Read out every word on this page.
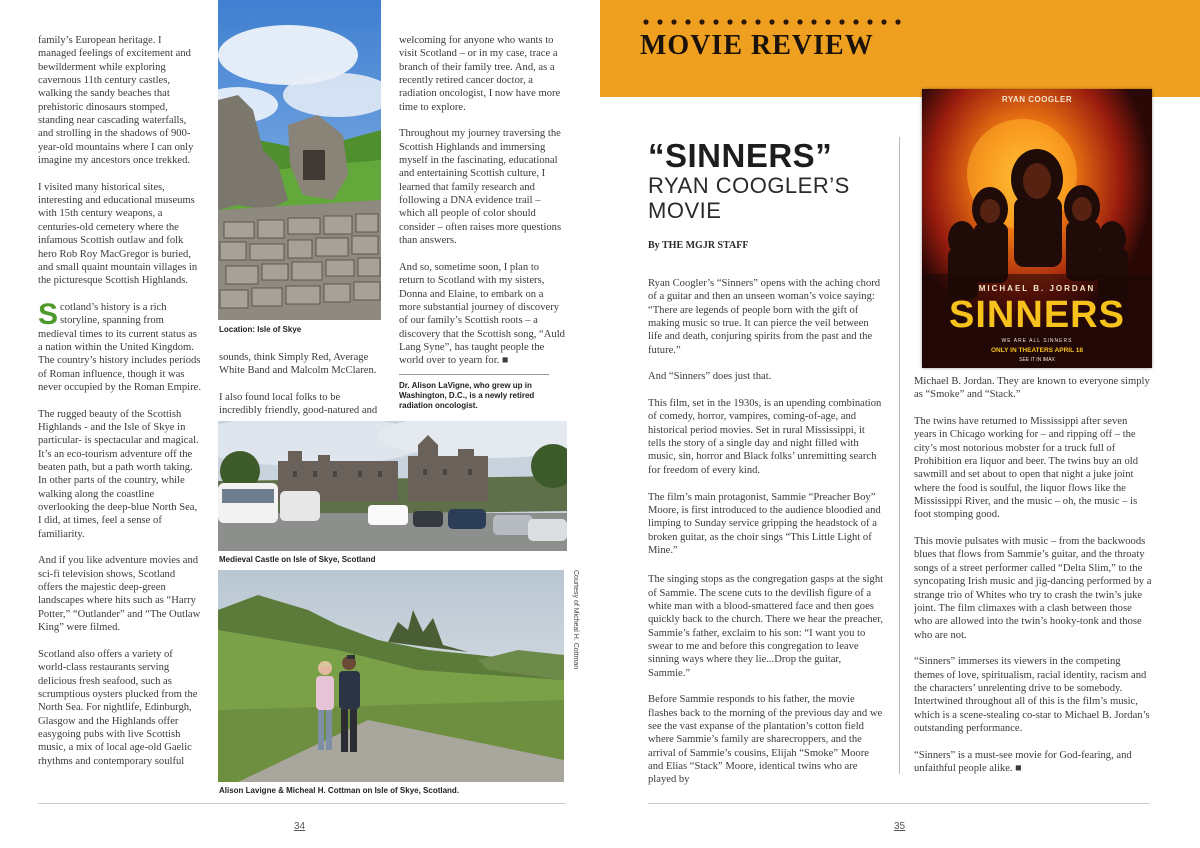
family’s European heritage. I managed feelings of excitement and bewilderment while exploring cavernous 11th century castles, walking the sandy beaches that prehistoric dinosaurs stomped, standing near cascading waterfalls, and strolling in the shadows of 900-year-old mountains where I can only imagine my ancestors once trekked.

I visited many historical sites, interesting and educational museums with 15th century weapons, a centuries-old cemetery where the infamous Scottish outlaw and folk hero Rob Roy MacGregor is buried, and small quaint mountain villages in the picturesque Scottish Highlands.

Scotland’s history is a rich storyline, spanning from medieval times to its current status as a nation within the United Kingdom. The country’s history includes periods of Roman influence, though it was never occupied by the Roman Empire.

The rugged beauty of the Scottish Highlands - and the Isle of Skye in particular- is spectacular and magical. It’s an eco-tourism adventure off the beaten path, but a path worth taking. In other parts of the country, while walking along the coastline overlooking the deep-blue North Sea, I did, at times, feel a sense of familiarity.

And if you like adventure movies and sci-fi television shows, Scotland offers the majestic deep-green landscapes where hits such as “Harry Potter,” “Outlander” and “The Outlaw King” were filmed.

Scotland also offers a variety of world-class restaurants serving delicious fresh seafood, such as scrumptious oysters plucked from the North Sea. For nightlife, Edinburgh, Glasgow and the Highlands offer easygoing pubs with live Scottish music, a mix of local age-old Gaelic rhythms and contemporary soulful

Location: Isle of Skye

sounds, think Simply Red, Average White Band and Malcolm McClaren.

I also found local folks to be incredibly friendly, good-natured and

welcoming for anyone who wants to visit Scotland – or in my case, trace a branch of their family tree. And, as a recently retired cancer doctor, a radiation oncologist, I now have more time to explore.

Throughout my journey traversing the Scottish Highlands and immersing myself in the fascinating, educational and entertaining Scottish culture, I learned that family research and following a DNA evidence trail – which all people of color should consider – often raises more questions than answers.

And so, sometime soon, I plan to return to Scotland with my sisters, Donna and Elaine, to embark on a more substantial journey of discovery of our family’s Scottish roots – a discovery that the Scottish song, “Auld Lang Syne”, has taught people the world over to yearn for. ■

Dr. Alison LaVigne, who grew up in Washington, D.C., is a newly retired radiation oncologist.
Medieval Castle on Isle of Skye, Scotland
Alison Lavigne & Micheal H. Cottman on Isle of Skye, Scotland.
Courtesy of Micheal H. Cottman
34
MOVIE REVIEW
RYAN COOGLER
MICHAEL B. JORDAN
SINNERS
WE ARE ALL SINNERS
ONLY IN THEATERS APRIL 18
SEE IT IN IMAX
“SINNERS”
RYAN COOGLER’S
MOVIE
By THE MGJR STAFF

Ryan Coogler’s “Sinners” opens with the aching chord of a guitar and then an unseen woman’s voice saying: “There are legends of people born with the gift of making music so true. It can pierce the veil between life and death, conjuring spirits from the past and the future.”

And “Sinners” does just that.

This film, set in the 1930s, is an upending combination of comedy, horror, vampires, coming-of-age, and historical period movies. Set in rural Mississippi, it tells the story of a single day and night filled with music, sin, horror and Black folks’ unremitting search for freedom of every kind.

The film’s main protagonist, Sammie “Preacher Boy” Moore, is first introduced to the audience bloodied and limping to Sunday service gripping the headstock of a broken guitar, as the choir sings “This Little Light of Mine.”

The singing stops as the congregation gasps at the sight of Sammie. The scene cuts to the devilish figure of a white man with a blood-smattered face and then goes quickly back to the church. There we hear the preacher, Sammie’s father, exclaim to his son: “I want you to swear to me and before this congregation to leave sinning ways where they lie...Drop the guitar, Sammie.”

Before Sammie responds to his father, the movie flashes back to the morning of the previous day and we see the vast expanse of the plantation’s cotton field where Sammie’s family are sharecroppers, and the arrival of Sammie’s cousins, Elijah “Smoke” Moore and Elias “Stack” Moore, identical twins who are played by

Michael B. Jordan. They are known to everyone simply as “Smoke” and “Stack.”

The twins have returned to Mississippi after seven years in Chicago working for – and ripping off – the city’s most notorious mobster for a truck full of Prohibition era liquor and beer. The twins buy an old sawmill and set about to open that night a juke joint where the food is soulful, the liquor flows like the Mississippi River, and the music – oh, the music – is foot stomping good.

This movie pulsates with music – from the backwoods blues that flows from Sammie’s guitar, and the throaty songs of a street performer called “Delta Slim,” to the syncopating Irish music and jig-dancing performed by a strange trio of Whites who try to crash the twin’s juke joint. The film climaxes with a clash between those who are allowed into the twin’s hooky-tonk and those who are not.

“Sinners” immerses its viewers in the competing themes of love, spiritualism, racial identity, racism and the characters’ unrelenting drive to be somebody. Intertwined throughout all of this is the film’s music, which is a scene-stealing co-star to Michael B. Jordan’s outstanding performance.

“Sinners” is a must-see movie for God-fearing, and unfaithful people alike. ■

35
